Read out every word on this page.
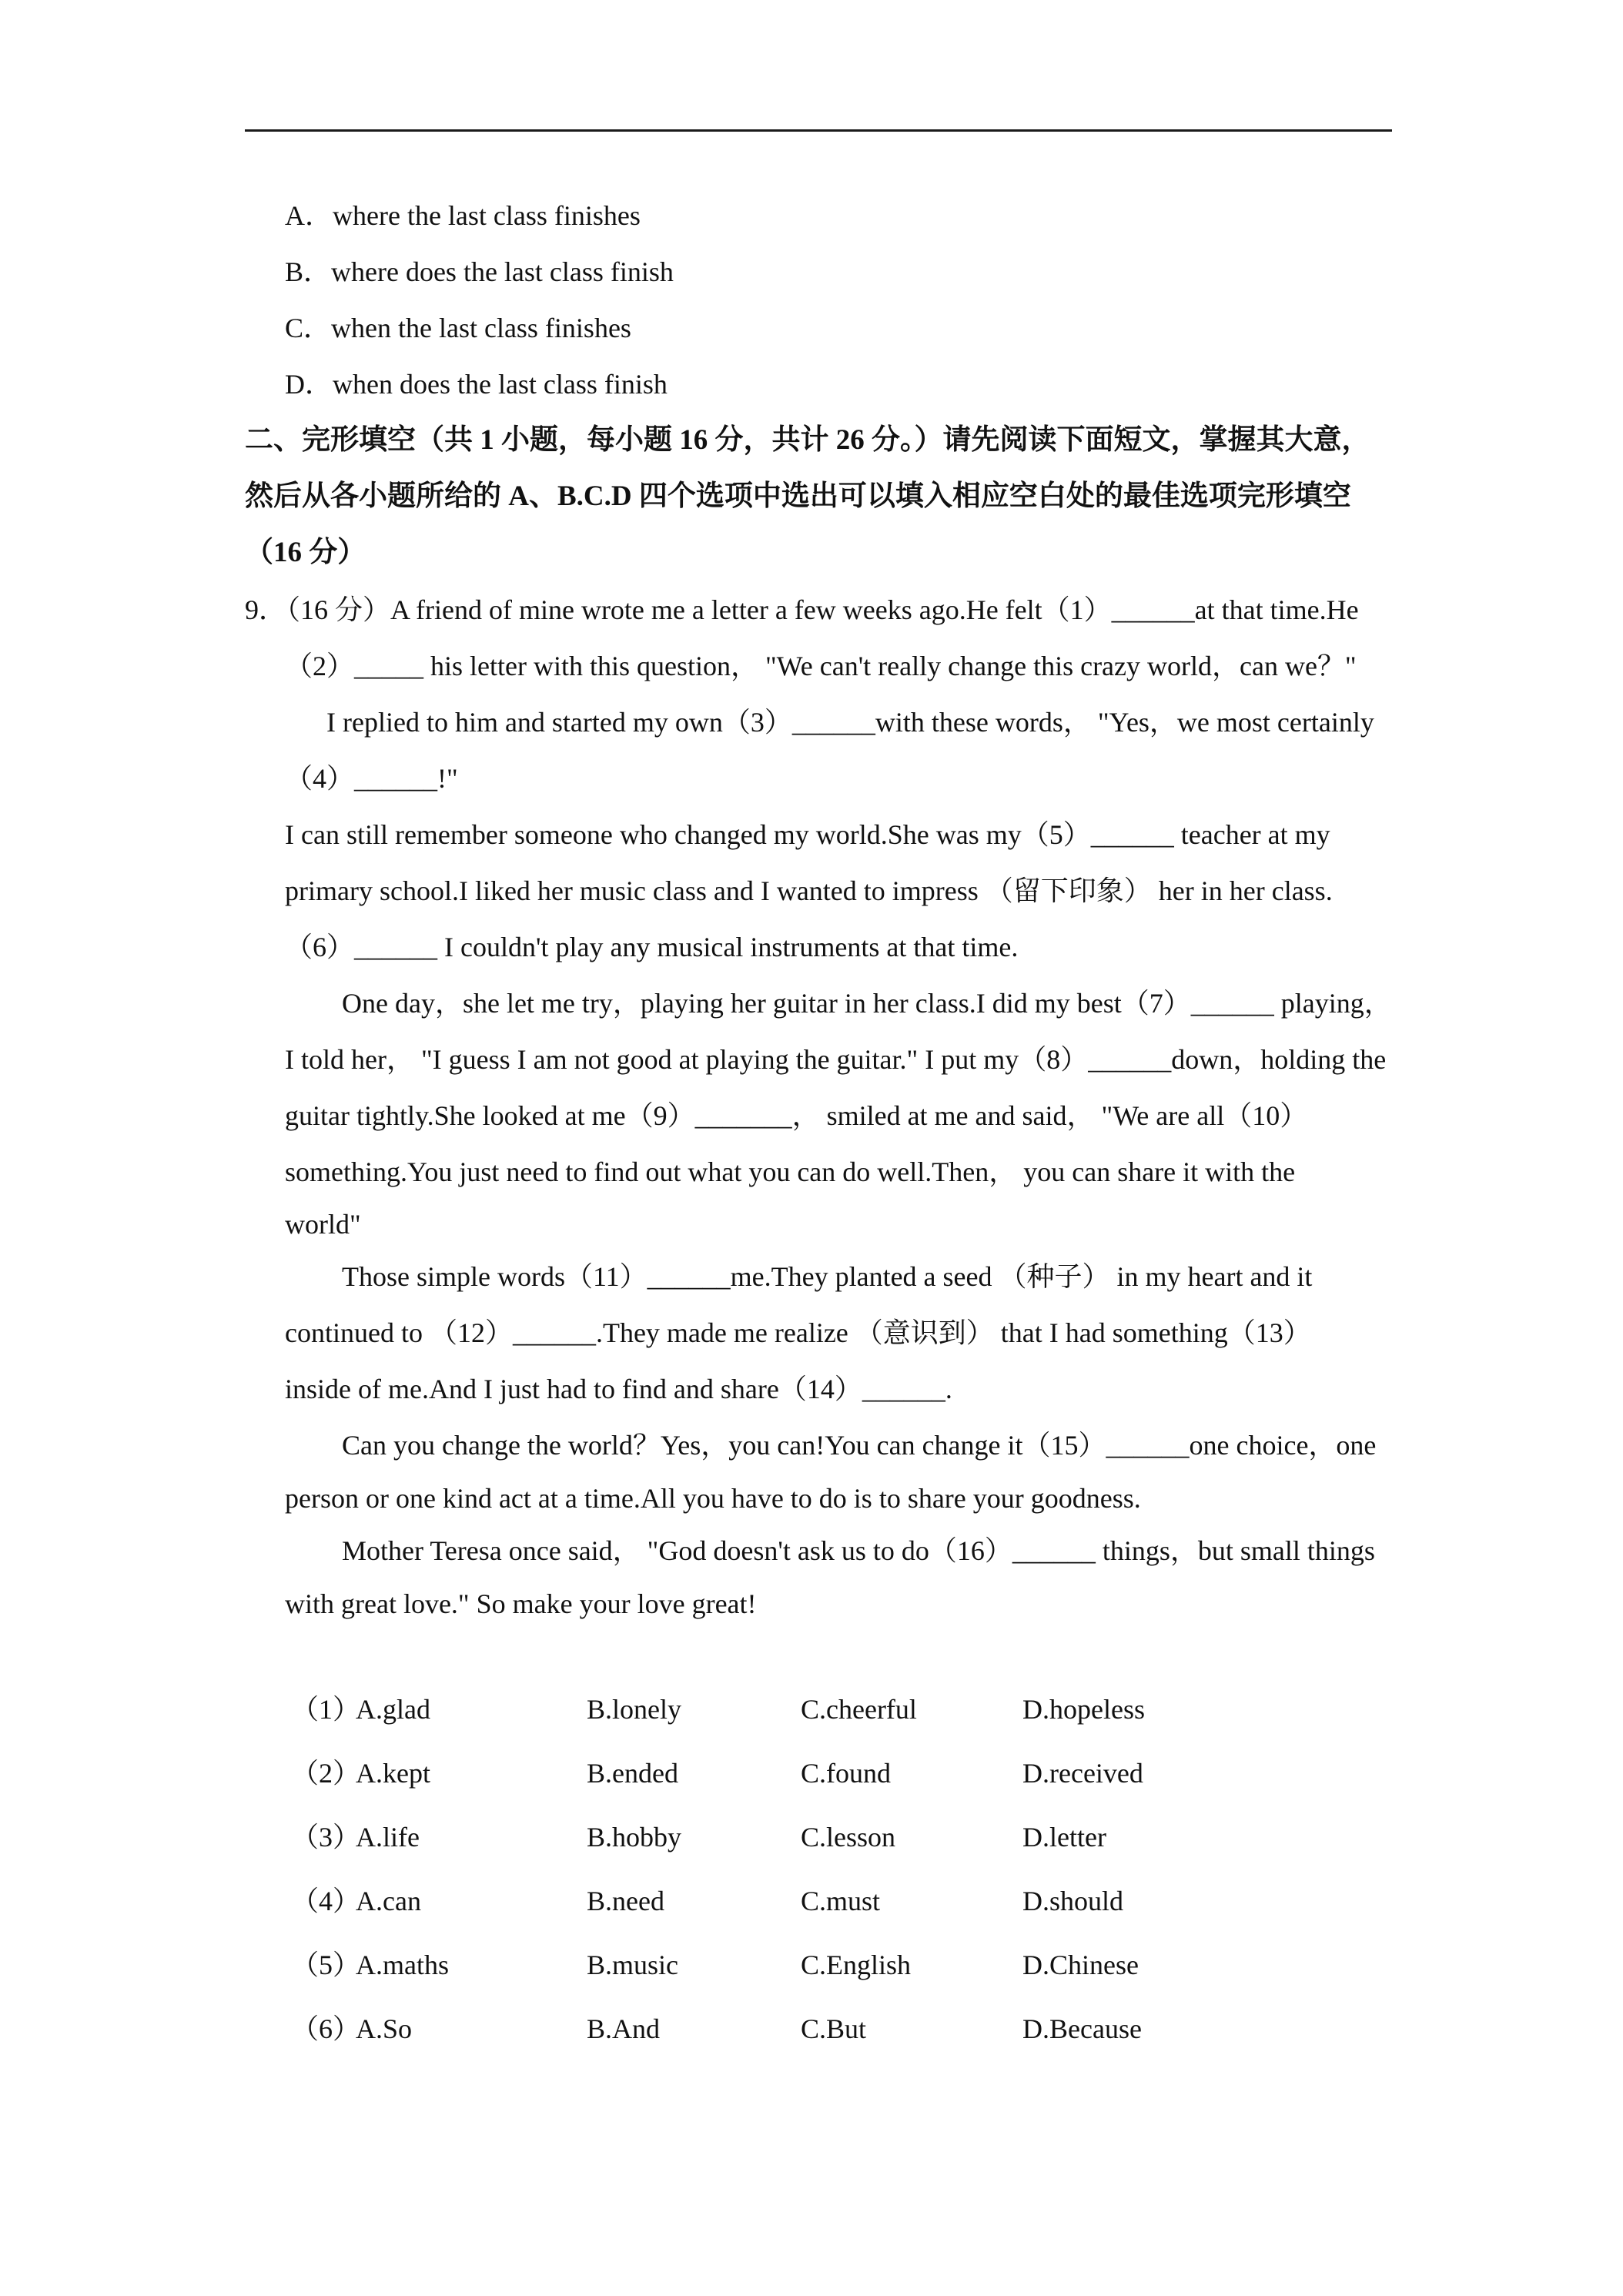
A．where the last class finishes
B．where does the last class finish
C．when the last class finishes
D．when does the last class finish
二、完形填空（共 1 小题，每小题 16 分，共计 26 分。）请先阅读下面短文，掌握其大意，
然后从各小题所给的 A、B.C.D 四个选项中选出可以填入相应空白处的最佳选项完形填空
（16 分）
9．（16 分）A friend of mine wrote me a letter a few weeks ago.He felt（1）______at that time.He
（2）_____ his letter with this question， "We can't really change this crazy world，can we？"
I replied to him and started my own（3）______with these words， "Yes，we most certainly
（4）______!"
I can still remember someone who changed my world.She was my（5）______ teacher at my
primary school.I liked her music class and I wanted to impress （留下印象） her in her class.
（6）______ I couldn't play any musical instruments at that time.
One day，she let me try，playing her guitar in her class.I did my best（7）______ playing，
I told her， "I guess I am not good at playing the guitar." I put my（8）______down，holding the
guitar tightly.She looked at me（9）_______， smiled at me and said， "We are all（10）
something.You just need to find out what you can do well.Then， you can share it with the
world"
Those simple words（11）______me.They planted a seed （种子） in my heart and it
continued to （12）______.They made me realize （意识到） that I had something（13）
inside of me.And I just had to find and share（14）______.
Can you change the world？Yes，you can!You can change it（15）______one choice，one
person or one kind act at a time.All you have to do is to share your goodness.
Mother Teresa once said， "God doesn't ask us to do（16）______ things，but small things
with great love." So make your love great!
（1）
A.glad	B.lonely	C.cheerful	D.hopeless
（2）
A.kept	B.ended	C.found	D.received
（3）
A.life	B.hobby	C.lesson	D.letter
（4）
A.can	B.need	C.must	D.should
（5）
A.maths	B.music	C.English	D.Chinese
（6）
A.So	B.And	C.But	D.Because
